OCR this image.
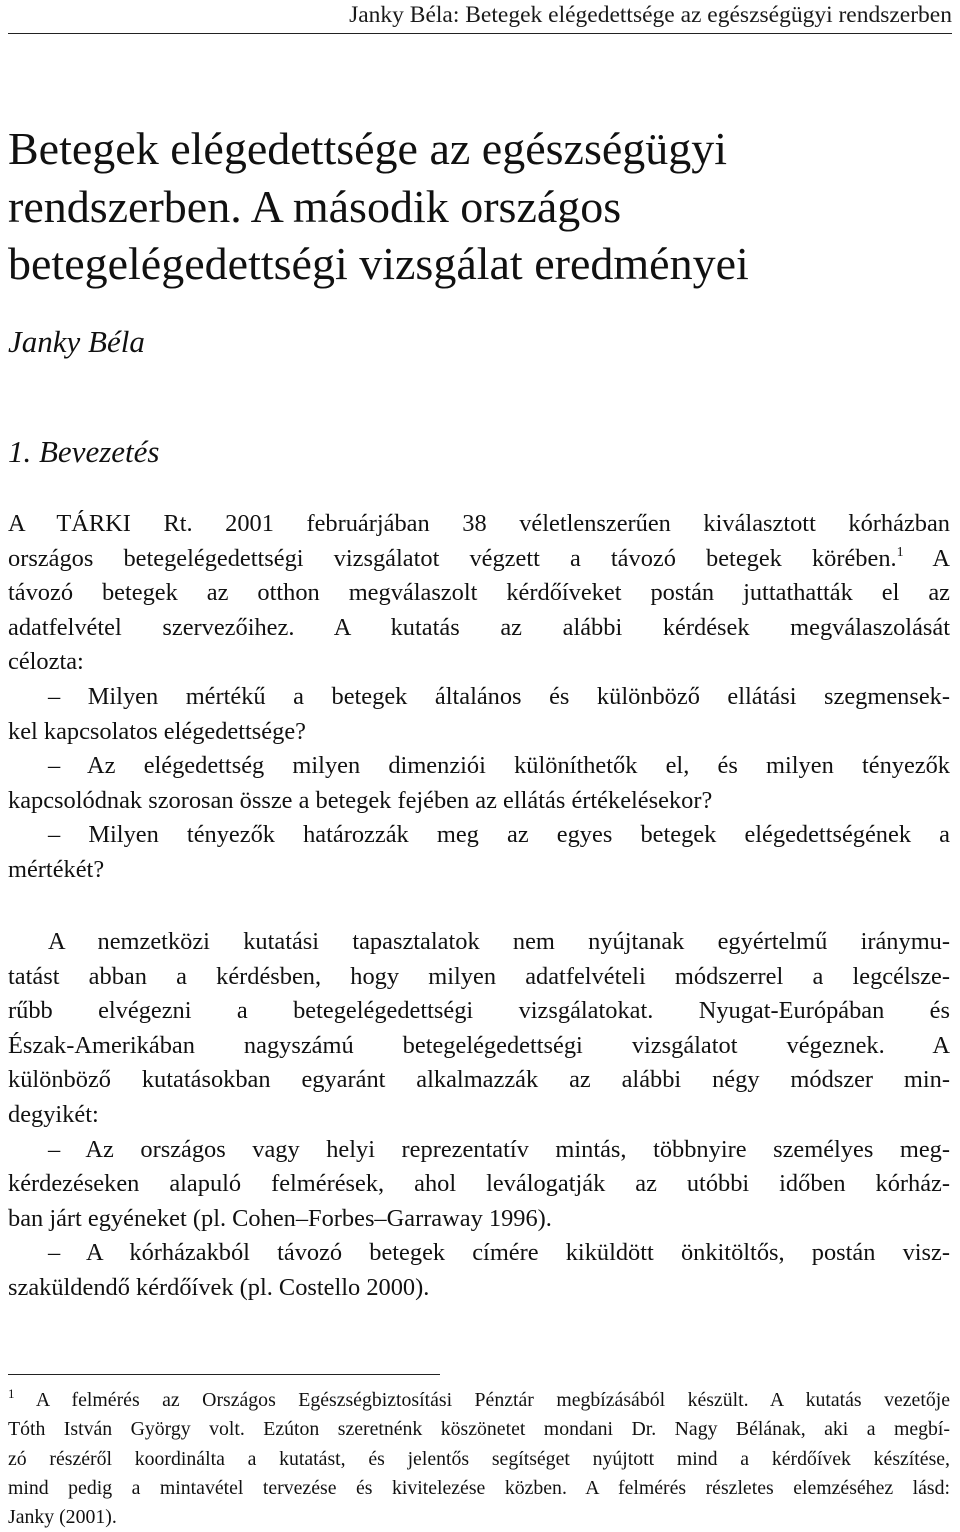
Janky Béla: Betegek elégedettsége az egészségügyi rendszerben
Betegek elégedettsége az egészségügyi
rendszerben. A második országos
betegelégedettségi vizsgálat eredményei

Janky Béla

1. Bevezetés
A TÁRKI Rt. 2001 februárjában 38 véletlenszerűen kiválasztott kórházban
országos betegelégedettségi vizsgálatot végzett a távozó betegek körében.$^1$ A
távozó betegek az otthon megválaszolt kérdőíveket postán juttathatták el az
adatfelvétel szervezőihez. A kutatás az alábbi kérdések megválaszolását
célozta:
– Milyen mértékű a betegek általános és különböző ellátási szegmensek-
kel kapcsolatos elégedettsége?
– Az elégedettség milyen dimenziói különíthetők el, és milyen tényezők
kapcsolódnak szorosan össze a betegek fejében az ellátás értékelésekor?
– Milyen tényezők határozzák meg az egyes betegek elégedettségének a
mértékét?
A nemzetközi kutatási tapasztalatok nem nyújtanak egyértelmű iránymu-
tatást abban a kérdésben, hogy milyen adatfelvételi módszerrel a legcélsze-
rűbb elvégezni a betegelégedettségi vizsgálatokat. Nyugat-Európában és
Észak-Amerikában nagyszámú betegelégedettségi vizsgálatot végeznek. A
különböző kutatásokban egyaránt alkalmazzák az alábbi négy módszer min-
degyikét:
– Az országos vagy helyi reprezentatív mintás, többnyire személyes meg-
kérdezéseken alapuló felmérések, ahol leválogatják az utóbbi időben kórház-
ban járt egyéneket (pl. Cohen–Forbes–Garraway 1996).
– A kórházakból távozó betegek címére kiküldött önkitöltős, postán visz-
szaküldendő kérdőívek (pl. Costello 2000).
$^1$ A felmérés az Országos Egészségbiztosítási Pénztár megbízásából készült. A kutatás vezetője
Tóth István György volt. Ezúton szeretnénk köszönetet mondani Dr. Nagy Bélának, aki a megbí-
zó részéről koordinálta a kutatást, és jelentős segítséget nyújtott mind a kérdőívek készítése,
mind pedig a mintavétel tervezése és kivitelezése közben. A felmérés részletes elemzéséhez lásd:
Janky (2001).
